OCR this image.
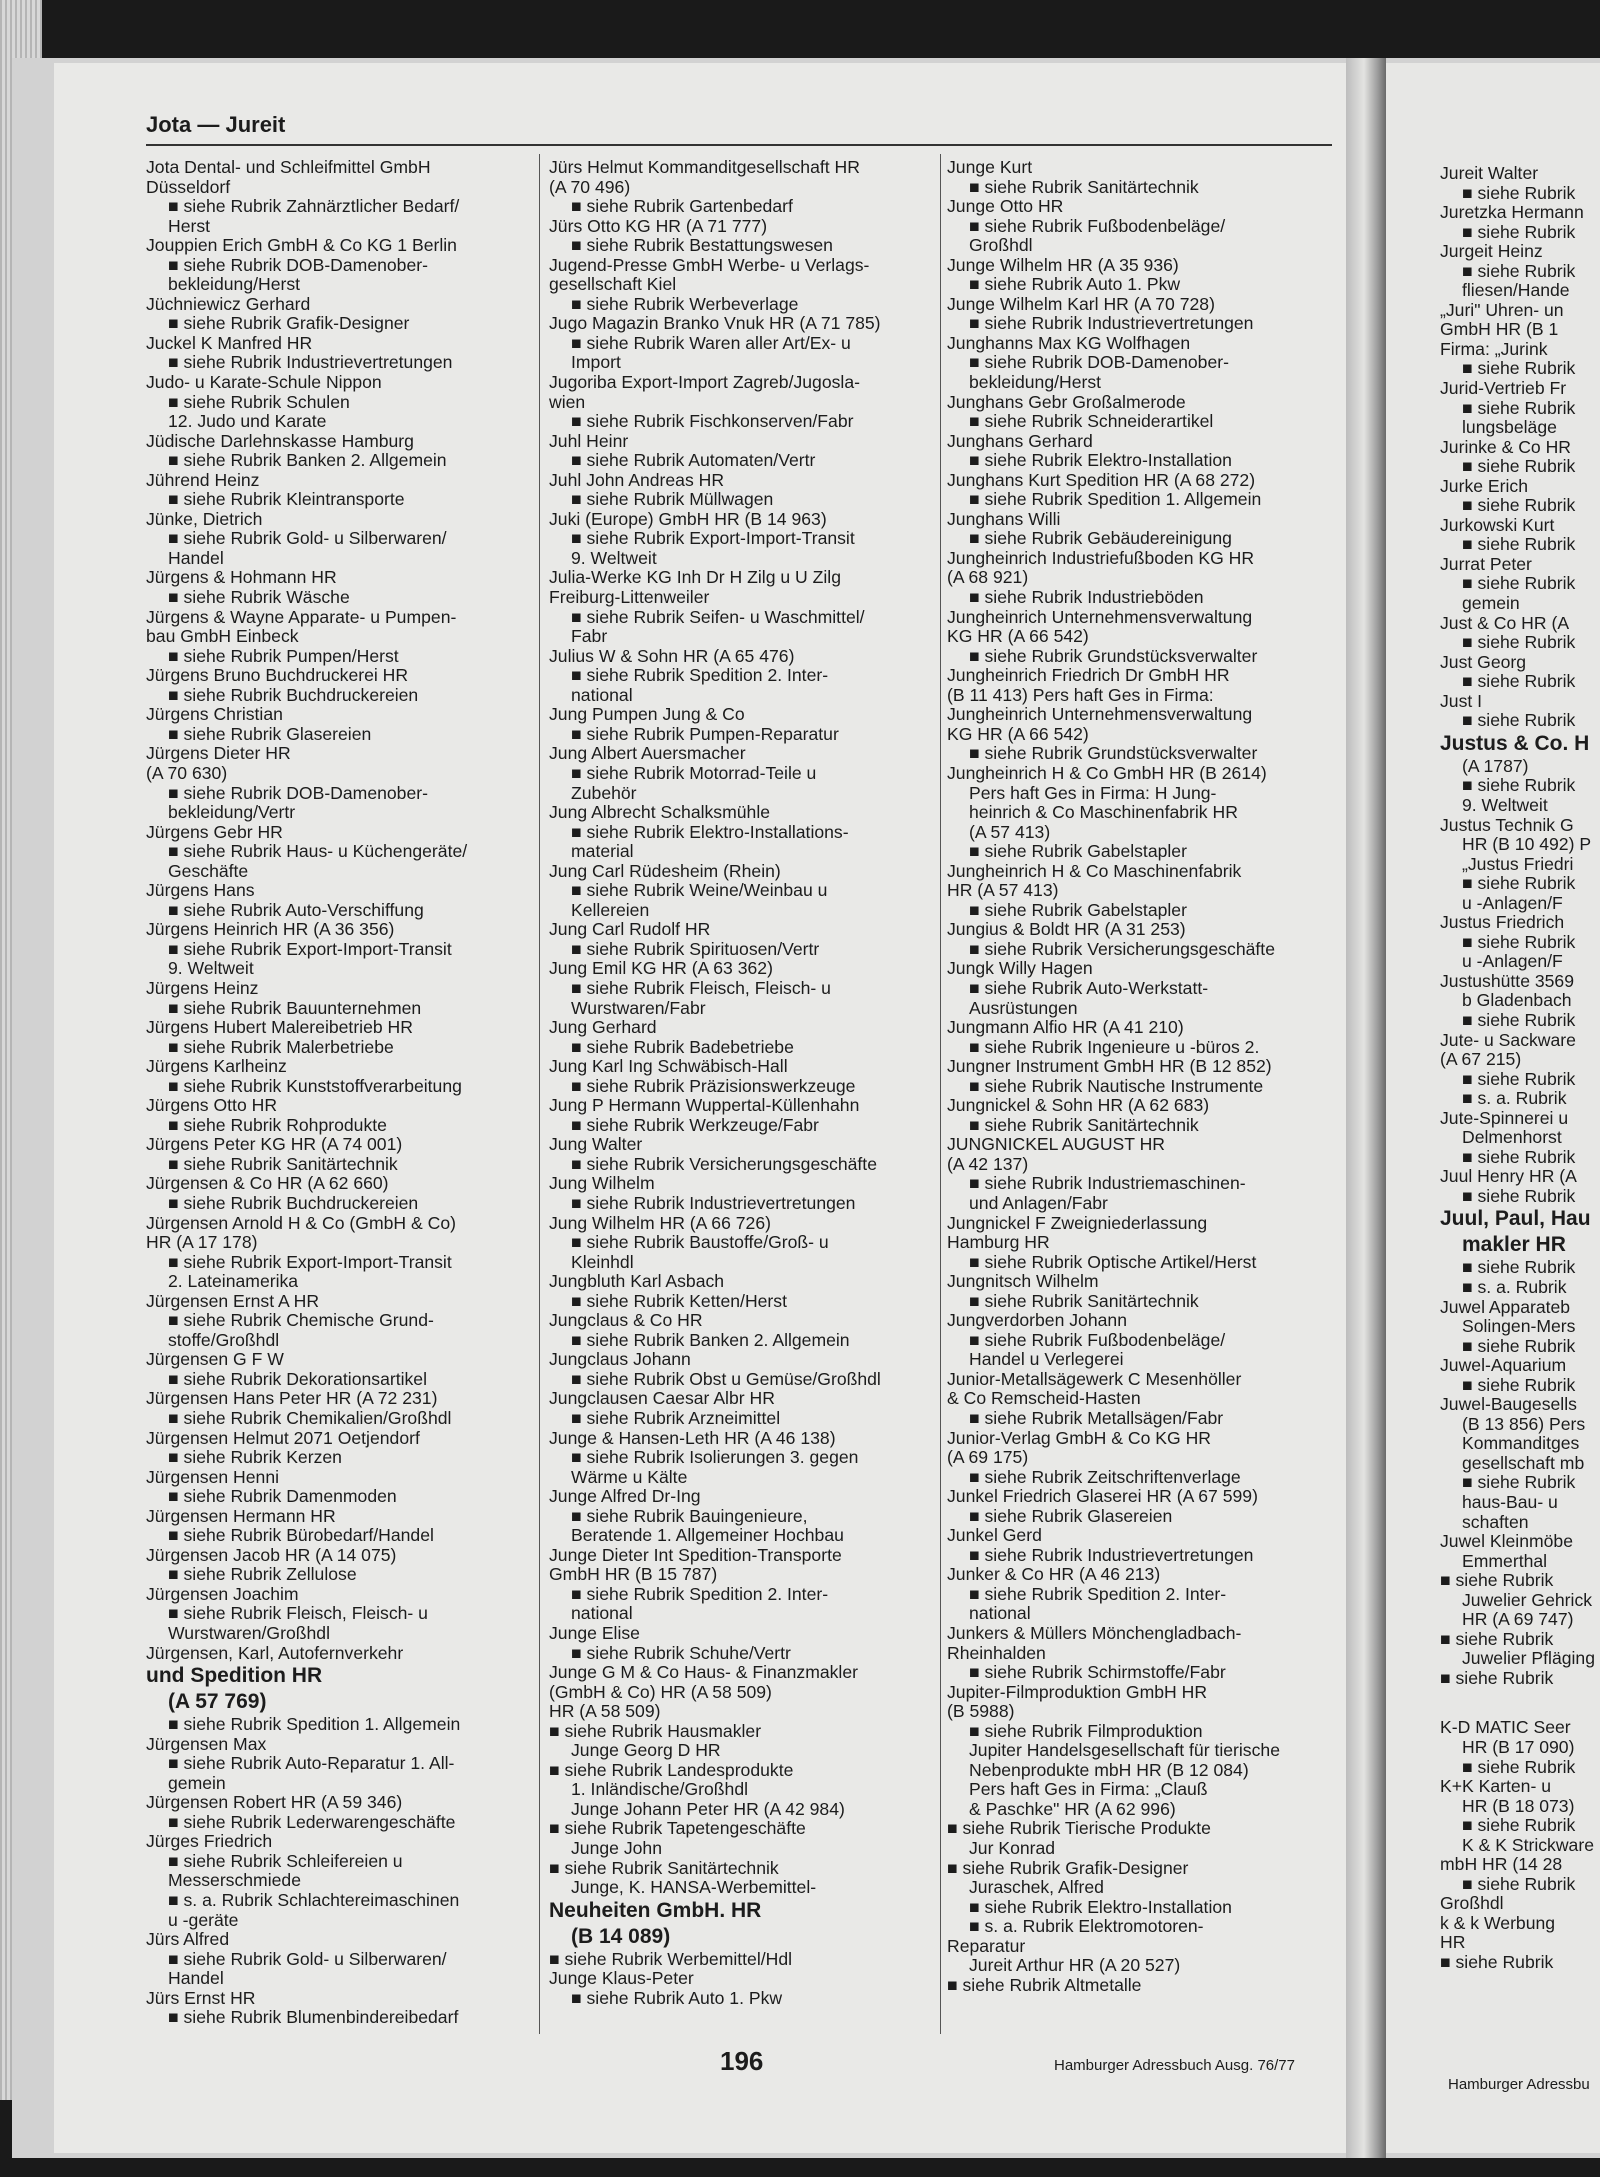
Jota — Jureit
Jota Dental- und Schleifmittel GmbH
Düsseldorf
■ siehe Rubrik Zahnärztlicher Bedarf/
Herst
Jouppien Erich GmbH & Co KG 1 Berlin
■ siehe Rubrik DOB-Damenober-
bekleidung/Herst
Jüchniewicz Gerhard
■ siehe Rubrik Grafik-Designer
Juckel K Manfred HR
■ siehe Rubrik Industrievertretungen
Judo- u Karate-Schule Nippon
■ siehe Rubrik Schulen
12. Judo und Karate
Jüdische Darlehnskasse Hamburg
■ siehe Rubrik Banken 2. Allgemein
Jührend Heinz
■ siehe Rubrik Kleintransporte
Jünke, Dietrich
■ siehe Rubrik Gold- u Silberwaren/
Handel
Jürgens & Hohmann HR
■ siehe Rubrik Wäsche
Jürgens & Wayne Apparate- u Pumpen-
bau GmbH Einbeck
■ siehe Rubrik Pumpen/Herst
Jürgens Bruno Buchdruckerei HR
■ siehe Rubrik Buchdruckereien
Jürgens Christian
■ siehe Rubrik Glasereien
Jürgens Dieter HR
(A 70 630)
■ siehe Rubrik DOB-Damenober-
bekleidung/Vertr
Jürgens Gebr HR
■ siehe Rubrik Haus- u Küchengeräte/
Geschäfte
Jürgens Hans
■ siehe Rubrik Auto-Verschiffung
Jürgens Heinrich HR (A 36 356)
■ siehe Rubrik Export-Import-Transit
9. Weltweit
Jürgens Heinz
■ siehe Rubrik Bauunternehmen
Jürgens Hubert Malereibetrieb HR
■ siehe Rubrik Malerbetriebe
Jürgens Karlheinz
■ siehe Rubrik Kunststoffverarbeitung
Jürgens Otto HR
■ siehe Rubrik Rohprodukte
Jürgens Peter KG HR (A 74 001)
■ siehe Rubrik Sanitärtechnik
Jürgensen & Co HR (A 62 660)
■ siehe Rubrik Buchdruckereien
Jürgensen Arnold H & Co (GmbH & Co)
HR (A 17 178)
■ siehe Rubrik Export-Import-Transit
2. Lateinamerika
Jürgensen Ernst A HR
■ siehe Rubrik Chemische Grund-
stoffe/Großhdl
Jürgensen G F W
■ siehe Rubrik Dekorationsartikel
Jürgensen Hans Peter HR (A 72 231)
■ siehe Rubrik Chemikalien/Großhdl
Jürgensen Helmut 2071 Oetjendorf
■ siehe Rubrik Kerzen
Jürgensen Henni
■ siehe Rubrik Damenmoden
Jürgensen Hermann HR
■ siehe Rubrik Bürobedarf/Handel
Jürgensen Jacob HR (A 14 075)
■ siehe Rubrik Zellulose
Jürgensen Joachim
■ siehe Rubrik Fleisch, Fleisch- u
Wurstwaren/Großhdl
Jürgensen, Karl, Autofernverkehr
und Spedition HR
(A 57 769)
■ siehe Rubrik Spedition 1. Allgemein
Jürgensen Max
■ siehe Rubrik Auto-Reparatur 1. All-
gemein
Jürgensen Robert HR (A 59 346)
■ siehe Rubrik Lederwarengeschäfte
Jürges Friedrich
■ siehe Rubrik Schleifereien u
Messerschmiede
■ s. a. Rubrik Schlachtereimaschinen
u -geräte
Jürs Alfred
■ siehe Rubrik Gold- u Silberwaren/
Handel
Jürs Ernst HR
■ siehe Rubrik Blumenbindereibedarf
Jürs Helmut Kommanditgesellschaft HR
(A 70 496)
■ siehe Rubrik Gartenbedarf
Jürs Otto KG HR (A 71 777)
■ siehe Rubrik Bestattungswesen
Jugend-Presse GmbH Werbe- u Verlags-
gesellschaft Kiel
■ siehe Rubrik Werbeverlage
Jugo Magazin Branko Vnuk HR (A 71 785)
■ siehe Rubrik Waren aller Art/Ex- u
Import
Jugoriba Export-Import Zagreb/Jugosla-
wien
■ siehe Rubrik Fischkonserven/Fabr
Juhl Heinr
■ siehe Rubrik Automaten/Vertr
Juhl John Andreas HR
■ siehe Rubrik Müllwagen
Juki (Europe) GmbH HR (B 14 963)
■ siehe Rubrik Export-Import-Transit
9. Weltweit
Julia-Werke KG Inh Dr H Zilg u U Zilg
Freiburg-Littenweiler
■ siehe Rubrik Seifen- u Waschmittel/
Fabr
Julius W & Sohn HR (A 65 476)
■ siehe Rubrik Spedition 2. Inter-
national
Jung Pumpen Jung & Co
■ siehe Rubrik Pumpen-Reparatur
Jung Albert Auersmacher
■ siehe Rubrik Motorrad-Teile u
Zubehör
Jung Albrecht Schalksmühle
■ siehe Rubrik Elektro-Installations-
material
Jung Carl Rüdesheim (Rhein)
■ siehe Rubrik Weine/Weinbau u
Kellereien
Jung Carl Rudolf HR
■ siehe Rubrik Spirituosen/Vertr
Jung Emil KG HR (A 63 362)
■ siehe Rubrik Fleisch, Fleisch- u
Wurstwaren/Fabr
Jung Gerhard
■ siehe Rubrik Badebetriebe
Jung Karl Ing Schwäbisch-Hall
■ siehe Rubrik Präzisionswerkzeuge
Jung P Hermann Wuppertal-Küllenhahn
■ siehe Rubrik Werkzeuge/Fabr
Jung Walter
■ siehe Rubrik Versicherungsgeschäfte
Jung Wilhelm
■ siehe Rubrik Industrievertretungen
Jung Wilhelm HR (A 66 726)
■ siehe Rubrik Baustoffe/Groß- u
Kleinhdl
Jungbluth Karl Asbach
■ siehe Rubrik Ketten/Herst
Jungclaus & Co HR
■ siehe Rubrik Banken 2. Allgemein
Jungclaus Johann
■ siehe Rubrik Obst u Gemüse/Großhdl
Jungclausen Caesar Albr HR
■ siehe Rubrik Arzneimittel
Junge & Hansen-Leth HR (A 46 138)
■ siehe Rubrik Isolierungen 3. gegen
Wärme u Kälte
Junge Alfred Dr-Ing
■ siehe Rubrik Bauingenieure,
Beratende 1. Allgemeiner Hochbau
Junge Dieter Int Spedition-Transporte
GmbH HR (B 15 787)
■ siehe Rubrik Spedition 2. Inter-
national
Junge Elise
■ siehe Rubrik Schuhe/Vertr
Junge G M & Co Haus- & Finanzmakler
(GmbH & Co) HR (A 58 509)
HR (A 58 509)
■ siehe Rubrik Hausmakler
Junge Georg D HR
■ siehe Rubrik Landesprodukte
1. Inländische/Großhdl
Junge Johann Peter HR (A 42 984)
■ siehe Rubrik Tapetengeschäfte
Junge John
■ siehe Rubrik Sanitärtechnik
Junge, K. HANSA-Werbemittel-
Neuheiten GmbH. HR
(B 14 089)
■ siehe Rubrik Werbemittel/Hdl
Junge Klaus-Peter
■ siehe Rubrik Auto 1. Pkw
Junge Kurt
■ siehe Rubrik Sanitärtechnik
Junge Otto HR
■ siehe Rubrik Fußbodenbeläge/
Großhdl
Junge Wilhelm HR (A 35 936)
■ siehe Rubrik Auto 1. Pkw
Junge Wilhelm Karl HR (A 70 728)
■ siehe Rubrik Industrievertretungen
Junghanns Max KG Wolfhagen
■ siehe Rubrik DOB-Damenober-
bekleidung/Herst
Junghans Gebr Großalmerode
■ siehe Rubrik Schneiderartikel
Junghans Gerhard
■ siehe Rubrik Elektro-Installation
Junghans Kurt Spedition HR (A 68 272)
■ siehe Rubrik Spedition 1. Allgemein
Junghans Willi
■ siehe Rubrik Gebäudereinigung
Jungheinrich Industriefußboden KG HR
(A 68 921)
■ siehe Rubrik Industrieböden
Jungheinrich Unternehmensverwaltung
KG HR (A 66 542)
■ siehe Rubrik Grundstücksverwalter
Jungheinrich Friedrich Dr GmbH HR
(B 11 413) Pers haft Ges in Firma:
Jungheinrich Unternehmensverwaltung
KG HR (A 66 542)
■ siehe Rubrik Grundstücksverwalter
Jungheinrich H & Co GmbH HR (B 2614)
Pers haft Ges in Firma: H Jung-
heinrich & Co Maschinenfabrik HR
(A 57 413)
■ siehe Rubrik Gabelstapler
Jungheinrich H & Co Maschinenfabrik
HR (A 57 413)
■ siehe Rubrik Gabelstapler
Jungius & Boldt HR (A 31 253)
■ siehe Rubrik Versicherungsgeschäfte
Jungk Willy Hagen
■ siehe Rubrik Auto-Werkstatt-
Ausrüstungen
Jungmann Alfio HR (A 41 210)
■ siehe Rubrik Ingenieure u -büros 2.
Jungner Instrument GmbH HR (B 12 852)
■ siehe Rubrik Nautische Instrumente
Jungnickel & Sohn HR (A 62 683)
■ siehe Rubrik Sanitärtechnik
JUNGNICKEL AUGUST HR
(A 42 137)
■ siehe Rubrik Industriemaschinen-
und Anlagen/Fabr
Jungnickel F Zweigniederlassung
Hamburg HR
■ siehe Rubrik Optische Artikel/Herst
Jungnitsch Wilhelm
■ siehe Rubrik Sanitärtechnik
Jungverdorben Johann
■ siehe Rubrik Fußbodenbeläge/
Handel u Verlegerei
Junior-Metallsägewerk C Mesenhöller
& Co Remscheid-Hasten
■ siehe Rubrik Metallsägen/Fabr
Junior-Verlag GmbH & Co KG HR
(A 69 175)
■ siehe Rubrik Zeitschriftenverlage
Junkel Friedrich Glaserei HR (A 67 599)
■ siehe Rubrik Glasereien
Junkel Gerd
■ siehe Rubrik Industrievertretungen
Junker & Co HR (A 46 213)
■ siehe Rubrik Spedition 2. Inter-
national
Junkers & Müllers Mönchengladbach-
Rheinhalden
■ siehe Rubrik Schirmstoffe/Fabr
Jupiter-Filmproduktion GmbH HR
(B 5988)
■ siehe Rubrik Filmproduktion
Jupiter Handelsgesellschaft für tierische
Nebenprodukte mbH HR (B 12 084)
Pers haft Ges in Firma: „Clauß
& Paschke" HR (A 62 996)
■ siehe Rubrik Tierische Produkte
Jur Konrad
■ siehe Rubrik Grafik-Designer
Juraschek, Alfred
■ siehe Rubrik Elektro-Installation
■ s. a. Rubrik Elektromotoren-
Reparatur
Jureit Arthur HR (A 20 527)
■ siehe Rubrik Altmetalle
Jureit Walter
■ siehe Rubrik
Juretzka Hermann
■ siehe Rubrik
Jurgeit Heinz
■ siehe Rubrik
fliesen/Hande
„Juri" Uhren- un
GmbH HR (B 1
Firma: „Jurink
■ siehe Rubrik
Jurid-Vertrieb Fr
■ siehe Rubrik
lungsbeläge
Jurinke & Co HR
■ siehe Rubrik
Jurke Erich
■ siehe Rubrik
Jurkowski Kurt
■ siehe Rubrik
Jurrat Peter
■ siehe Rubrik
gemein
Just & Co HR (A
■ siehe Rubrik
Just Georg
■ siehe Rubrik
Just I
■ siehe Rubrik
Justus & Co. H
(A 1787)
■ siehe Rubrik
9. Weltweit
Justus Technik G
HR (B 10 492) P
„Justus Friedri
■ siehe Rubrik
u -Anlagen/F
Justus Friedrich
■ siehe Rubrik
u -Anlagen/F
Justushütte 3569
b Gladenbach
■ siehe Rubrik
Jute- u Sackware
(A 67 215)
■ siehe Rubrik
■ s. a. Rubrik
Jute-Spinnerei u
Delmenhorst
■ siehe Rubrik
Juul Henry HR (A
■ siehe Rubrik
Juul, Paul, Hau
makler HR
■ siehe Rubrik
■ s. a. Rubrik
Juwel Apparateb
Solingen-Mers
■ siehe Rubrik
Juwel-Aquarium
■ siehe Rubrik
Juwel-Baugesells
(B 13 856) Pers
Kommanditges
gesellschaft mb
■ siehe Rubrik
haus-Bau- u
schaften
Juwel Kleinmöbe
Emmerthal
■ siehe Rubrik
Juwelier Gehrick
HR (A 69 747)
■ siehe Rubrik
Juwelier Pfläging
■ siehe Rubrik
K-D MATIC Seer
HR (B 17 090)
■ siehe Rubrik
K+K Karten- u
HR (B 18 073)
■ siehe Rubrik
K & K Strickware
mbH HR (14 28
■ siehe Rubrik
Großhdl
k & k Werbung
HR
■ siehe Rubrik
196	Hamburger Adressbuch Ausg. 76/77
Hamburger Adressbu
